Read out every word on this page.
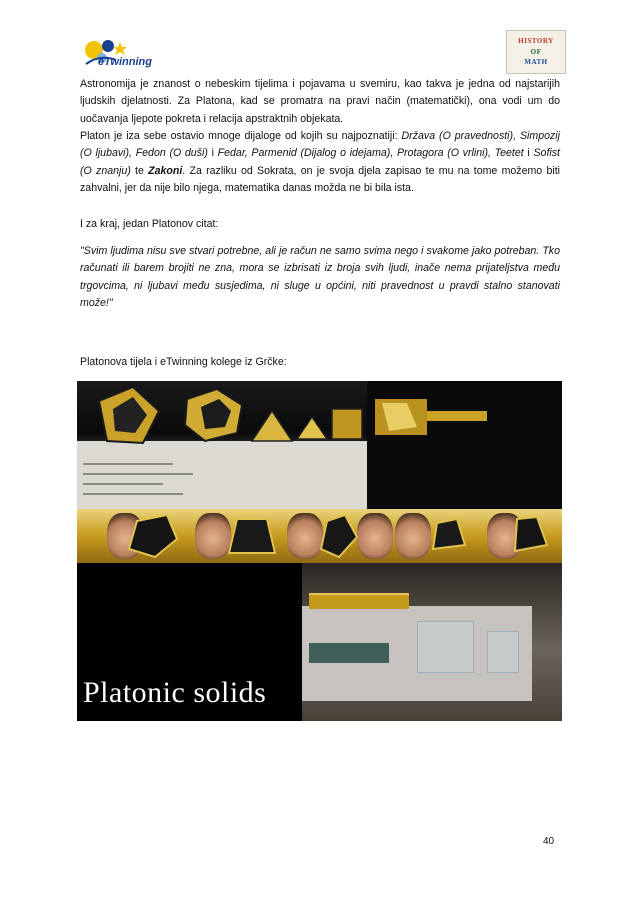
eTwinning
HISTORY
OF
MATH

Astronomija je znanost o nebeskim tijelima i pojavama u svemiru, kao takva je jedna od najstarijih ljudskih djelatnosti. Za Platona, kad se promatra na pravi način (matematički), ona vodi um do uočavanja ljepote pokreta i relacija apstraktnih objekata.

Platon je iza sebe ostavio mnoge dijaloge od kojih su najpoznatiji: Država (O pravednosti), Simpozij (O ljubavi), Fedon (O duši) i Fedar, Parmenid (Dijalog o idejama), Protagora (O vrlini), Teetet i Sofist (O znanju) te Zakoni. Za razliku od Sokrata, on je svoja djela zapisao te mu na tome možemo biti zahvalni, jer da nije bilo njega, matematika danas možda ne bi bila ista.

I za kraj, jedan Platonov citat:

"Svim ljudima nisu sve stvari potrebne, ali je račun ne samo svima nego i svakome jako potreban. Tko računati ili barem brojiti ne zna, mora se izbrisati iz broja svih ljudi, inače nema prijateljstva među trgovcima, ni ljubavi među susjedima, ni sluge u općini, niti pravednost u pravdi stalno stanovati može!"

Platonova tijela i eTwinning kolege iz Grčke:

Platonic solids
40
